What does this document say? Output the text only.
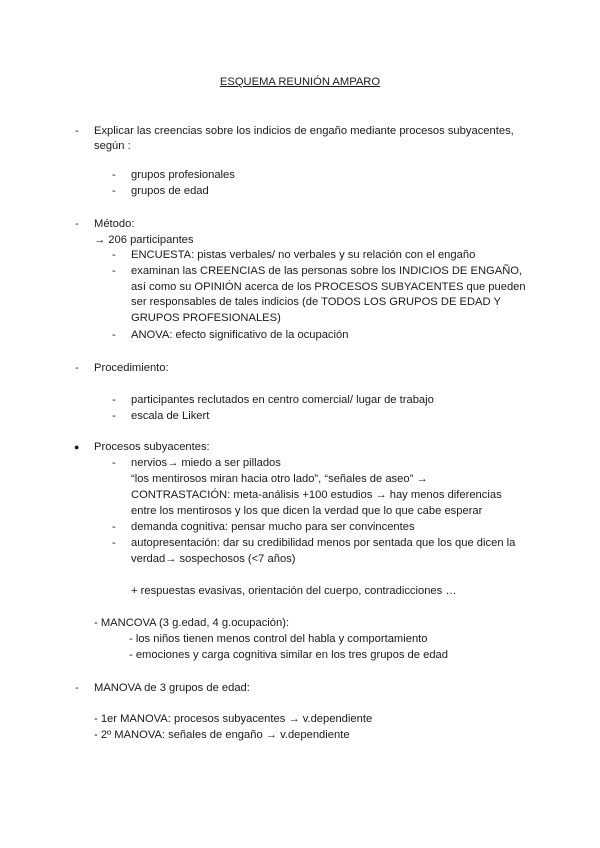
ESQUEMA REUNIÓN AMPARO
- Explicar las creencias sobre los indicios de engaño mediante procesos subyacentes,
según :
- grupos profesionales
- grupos de edad
- Método:
→ 206 participantes
- ENCUESTA: pistas verbales/ no verbales y su relación con el engaño
- examinan las CREENCIAS de las personas sobre los INDICIOS DE ENGAÑO,
así como su OPINIÓN acerca de los PROCESOS SUBYACENTES que pueden
ser responsables de tales indicios (de TODOS LOS GRUPOS DE EDAD Y
GRUPOS PROFESIONALES)
- ANOVA: efecto significativo de la ocupación
- Procedimiento:
- participantes reclutados en centro comercial/ lugar de trabajo
- escala de Likert
● Procesos subyacentes:
- nervios→ miedo a ser pillados
“los mentirosos miran hacia otro lado”, “señales de aseo” →
CONTRASTACIÓN: meta-análisis +100 estudios → hay menos diferencias
entre los mentirosos y los que dicen la verdad que lo que cabe esperar
- demanda cognitiva: pensar mucho para ser convincentes
- autopresentación: dar su credibilidad menos por sentada que los que dicen la
verdad→ sospechosos (<7 años)
+ respuestas evasivas, orientación del cuerpo, contradicciones …
- MANCOVA (3 g.edad, 4 g.ocupación):
- los niños tienen menos control del habla y comportamiento
- emociones y carga cognitiva similar en los tres grupos de edad
- MANOVA de 3 grupos de edad:
- 1er MANOVA: procesos subyacentes → v.dependiente
- 2º MANOVA: señales de engaño → v.dependiente
